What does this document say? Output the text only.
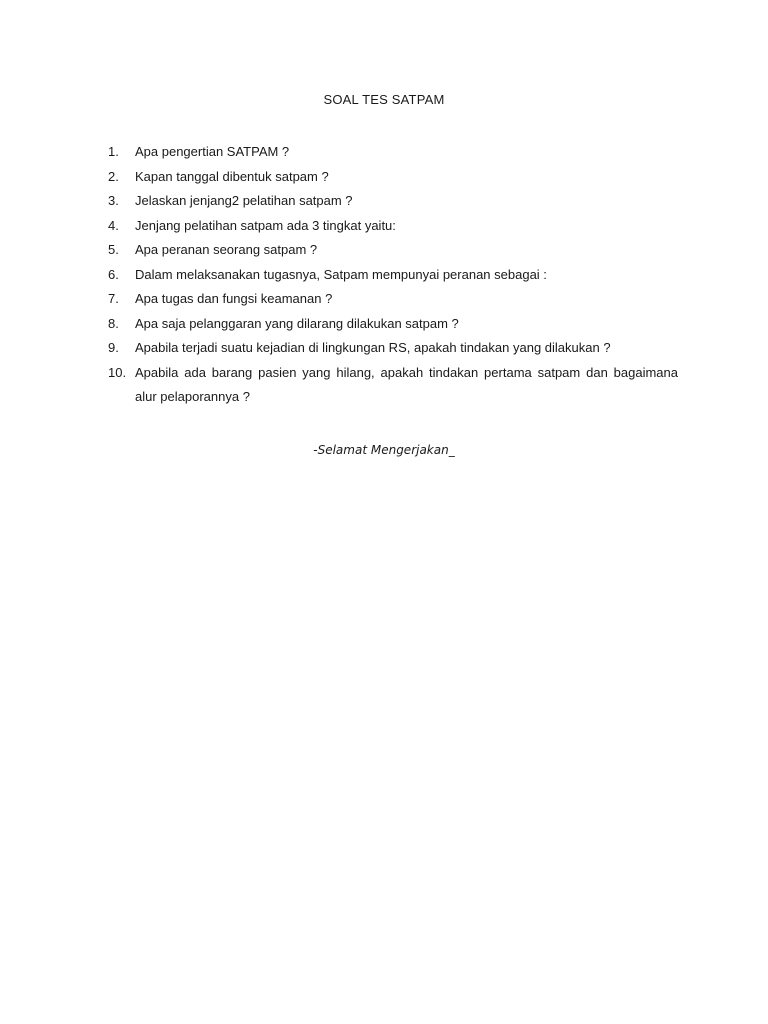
SOAL TES SATPAM
1.	Apa pengertian SATPAM ?
2.	Kapan tanggal dibentuk satpam ?
3.	Jelaskan jenjang2 pelatihan satpam ?
4.	Jenjang pelatihan satpam ada 3 tingkat yaitu:
5.	Apa peranan seorang satpam ?
6.	Dalam melaksanakan tugasnya, Satpam mempunyai peranan sebagai :
7.	Apa tugas dan fungsi keamanan ?
8.	Apa saja pelanggaran yang dilarang dilakukan satpam ?
9.	Apabila terjadi suatu kejadian di lingkungan RS, apakah tindakan yang dilakukan ?
10. Apabila ada barang pasien yang hilang, apakah tindakan pertama satpam dan bagaimana alur pelaporannya ?
-Selamat Mengerjakan_
